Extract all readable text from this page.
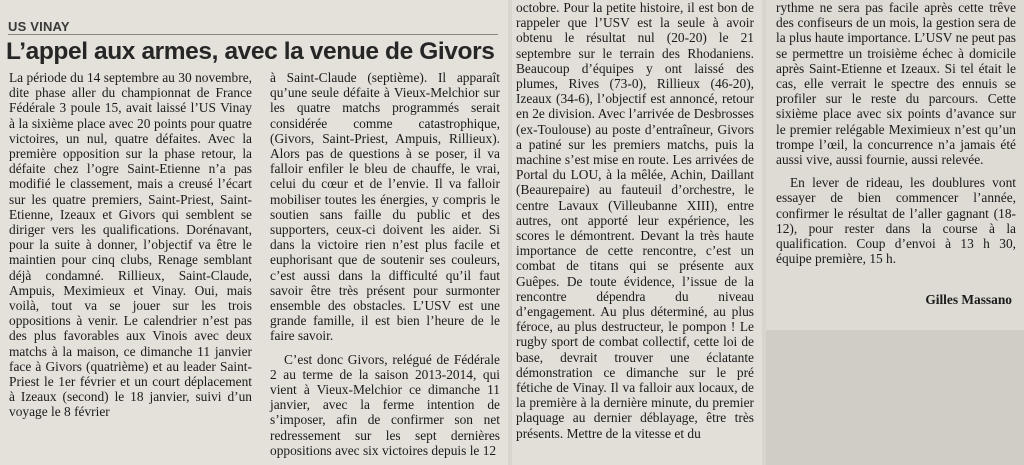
US VINAY
L’appel aux armes, avec la venue de Givors

La période du 14 septembre au 30 novembre, dite phase aller du championnat de France Fédérale 3 poule 15, avait laissé l’US Vinay à la sixième place avec 20 points pour quatre victoires, un nul, quatre défaites. Avec la première opposition sur la phase retour, la défaite chez l’ogre Saint-Etienne n’a pas modifié le classement, mais a creusé l’écart sur les quatre premiers, Saint-Priest, Saint-Etienne, Izeaux et Givors qui semblent se diriger vers les qualifications. Dorénavant, pour la suite à donner, l’objectif va être le maintien pour cinq clubs, Renage semblant déjà condamné. Rillieux, Saint-Claude, Ampuis, Meximieux et Vinay. Oui, mais voilà, tout va se jouer sur les trois oppositions à venir. Le calendrier n’est pas des plus favorables aux Vinois avec deux matchs à la maison, ce dimanche 11 janvier face à Givors (quatrième) et au leader Saint-Priest le 1er février et un court déplacement à Izeaux (second) le 18 janvier, suivi d’un voyage le 8 février

à Saint-Claude (septième). Il apparaît qu’une seule défaite à Vieux-Melchior sur les quatre matchs programmés serait considérée comme catastrophique, (Givors, Saint-Priest, Ampuis, Rillieux). Alors pas de questions à se poser, il va falloir enfiler le bleu de chauffe, le vrai, celui du cœur et de l’envie. Il va falloir mobiliser toutes les énergies, y compris le soutien sans faille du public et des supporters, ceux-ci doivent les aider. Si dans la victoire rien n’est plus facile et euphorisant que de soutenir ses couleurs, c’est aussi dans la difficulté qu’il faut savoir être très présent pour surmonter ensemble des obstacles. L’USV est une grande famille, il est bien l’heure de le faire savoir.

C’est donc Givors, relégué de Fédérale 2 au terme de la saison 2013-2014, qui vient à Vieux-Melchior ce dimanche 11 janvier, avec la ferme intention de s’imposer, afin de confirmer son net redressement sur les sept dernières oppositions avec six victoires depuis le 12

octobre. Pour la petite histoire, il est bon de rappeler que l’USV est la seule à avoir obtenu le résultat nul (20-20) le 21 septembre sur le terrain des Rhodaniens. Beaucoup d’équipes y ont laissé des plumes, Rives (73-0), Rillieux (46-20), Izeaux (34-6), l’objectif est annoncé, retour en 2e division. Avec l’arrivée de Desbrosses (ex-Toulouse) au poste d’entraîneur, Givors a patiné sur les premiers matchs, puis la machine s’est mise en route. Les arrivées de Portal du LOU, à la mêlée, Achin, Daillant (Beaurepaire) au fauteuil d’orchestre, le centre Lavaux (Villeubanne XIII), entre autres, ont apporté leur expérience, les scores le démontrent. Devant la très haute importance de cette rencontre, c’est un combat de titans qui se présente aux Guêpes. De toute évidence, l’issue de la rencontre dépendra du niveau d’engagement. Au plus déterminé, au plus féroce, au plus destructeur, le pompon ! Le rugby sport de combat collectif, cette loi de base, devrait trouver une éclatante démonstration ce dimanche sur le pré fétiche de Vinay. Il va falloir aux locaux, de la première à la dernière minute, du premier plaquage au dernier déblayage, être très présents. Mettre de la vitesse et du

rythme ne sera pas facile après cette trêve des confiseurs de un mois, la gestion sera de la plus haute importance. L’USV ne peut pas se permettre un troisième échec à domicile après Saint-Etienne et Izeaux. Si tel était le cas, elle verrait le spectre des ennuis se profiler sur le reste du parcours. Cette sixième place avec six points d’avance sur le premier relégable Meximieux n’est qu’un trompe l’œil, la concurrence n’a jamais été aussi vive, aussi fournie, aussi relevée.

En lever de rideau, les doublures vont essayer de bien commencer l’année, confirmer le résultat de l’aller gagnant (18-12), pour rester dans la course à la qualification. Coup d’envoi à 13 h 30, équipe première, 15 h.

Gilles Massano
